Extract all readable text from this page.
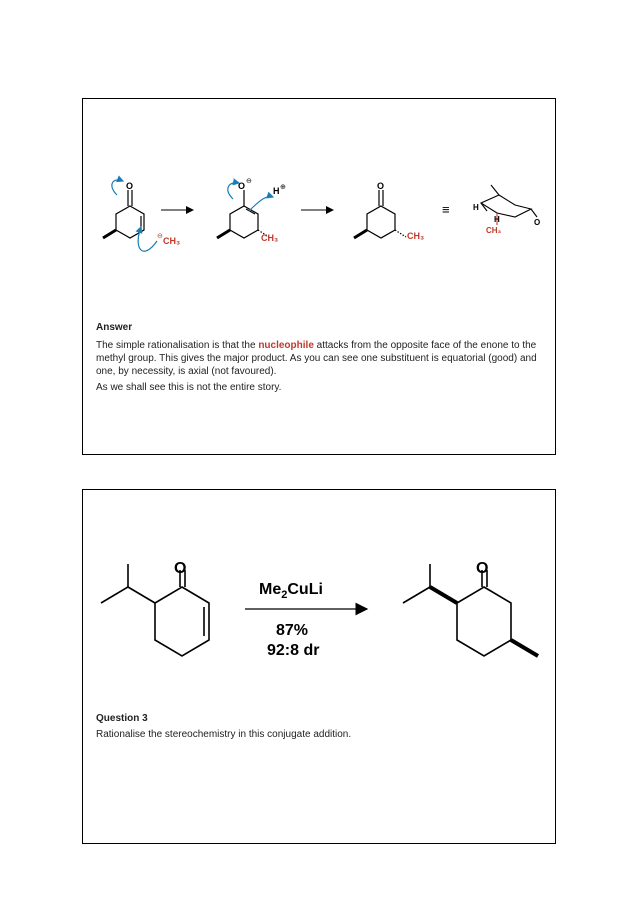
O
CH₃
⊖
O ⊖
H ⊕
CH₃
O
CH₃
≡	H
H
CH₃
O
Answer
The simple rationalisation is that the nucleophile attacks from the opposite face of the enone to the methyl group. This gives the major product. As you can see one substituent is equatorial (good) and one, by necessity, is axial (not favoured).
As we shall see this is not the entire story.
O
$Me_2CuLi$
87%
92:8 dr
O
Question 3
Rationalise the stereochemistry in this conjugate addition.
